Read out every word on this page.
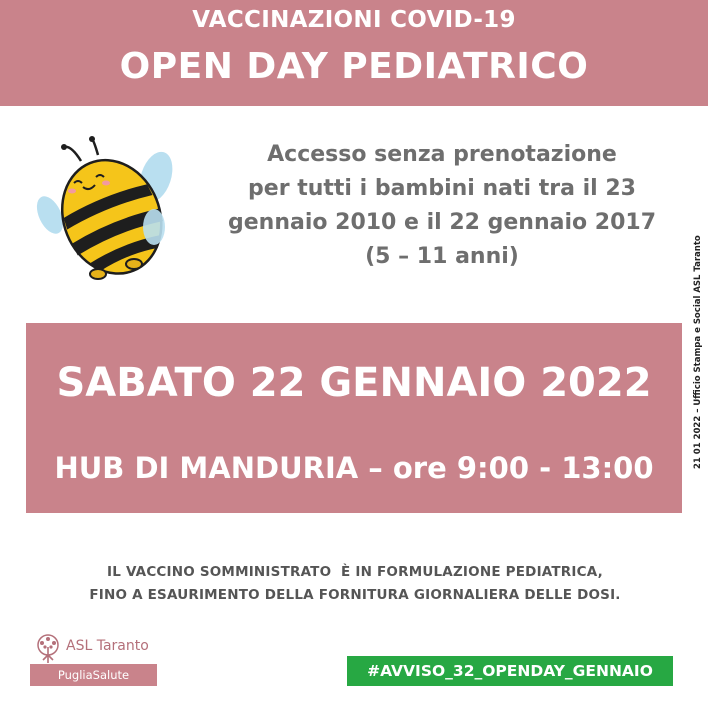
VACCINAZIONI COVID-19
OPEN DAY PEDIATRICO
Accesso senza prenotazione
per tutti i bambini nati tra il 23
gennaio 2010 e il 22 gennaio 2017
(5 – 11 anni)
SABATO 22 GENNAIO 2022
HUB DI MANDURIA – ore 9:00 - 13:00	21 01 2022 – Ufficio Stampa e Social ASL Taranto
IL VACCINO SOMMINISTRATO  È IN FORMULAZIONE PEDIATRICA,
FINO A ESAURIMENTO DELLA FORNITURA GIORNALIERA DELLE DOSI.
ASL Taranto
PugliaSalute	#AVVISO_32_OPENDAY_GENNAIO
